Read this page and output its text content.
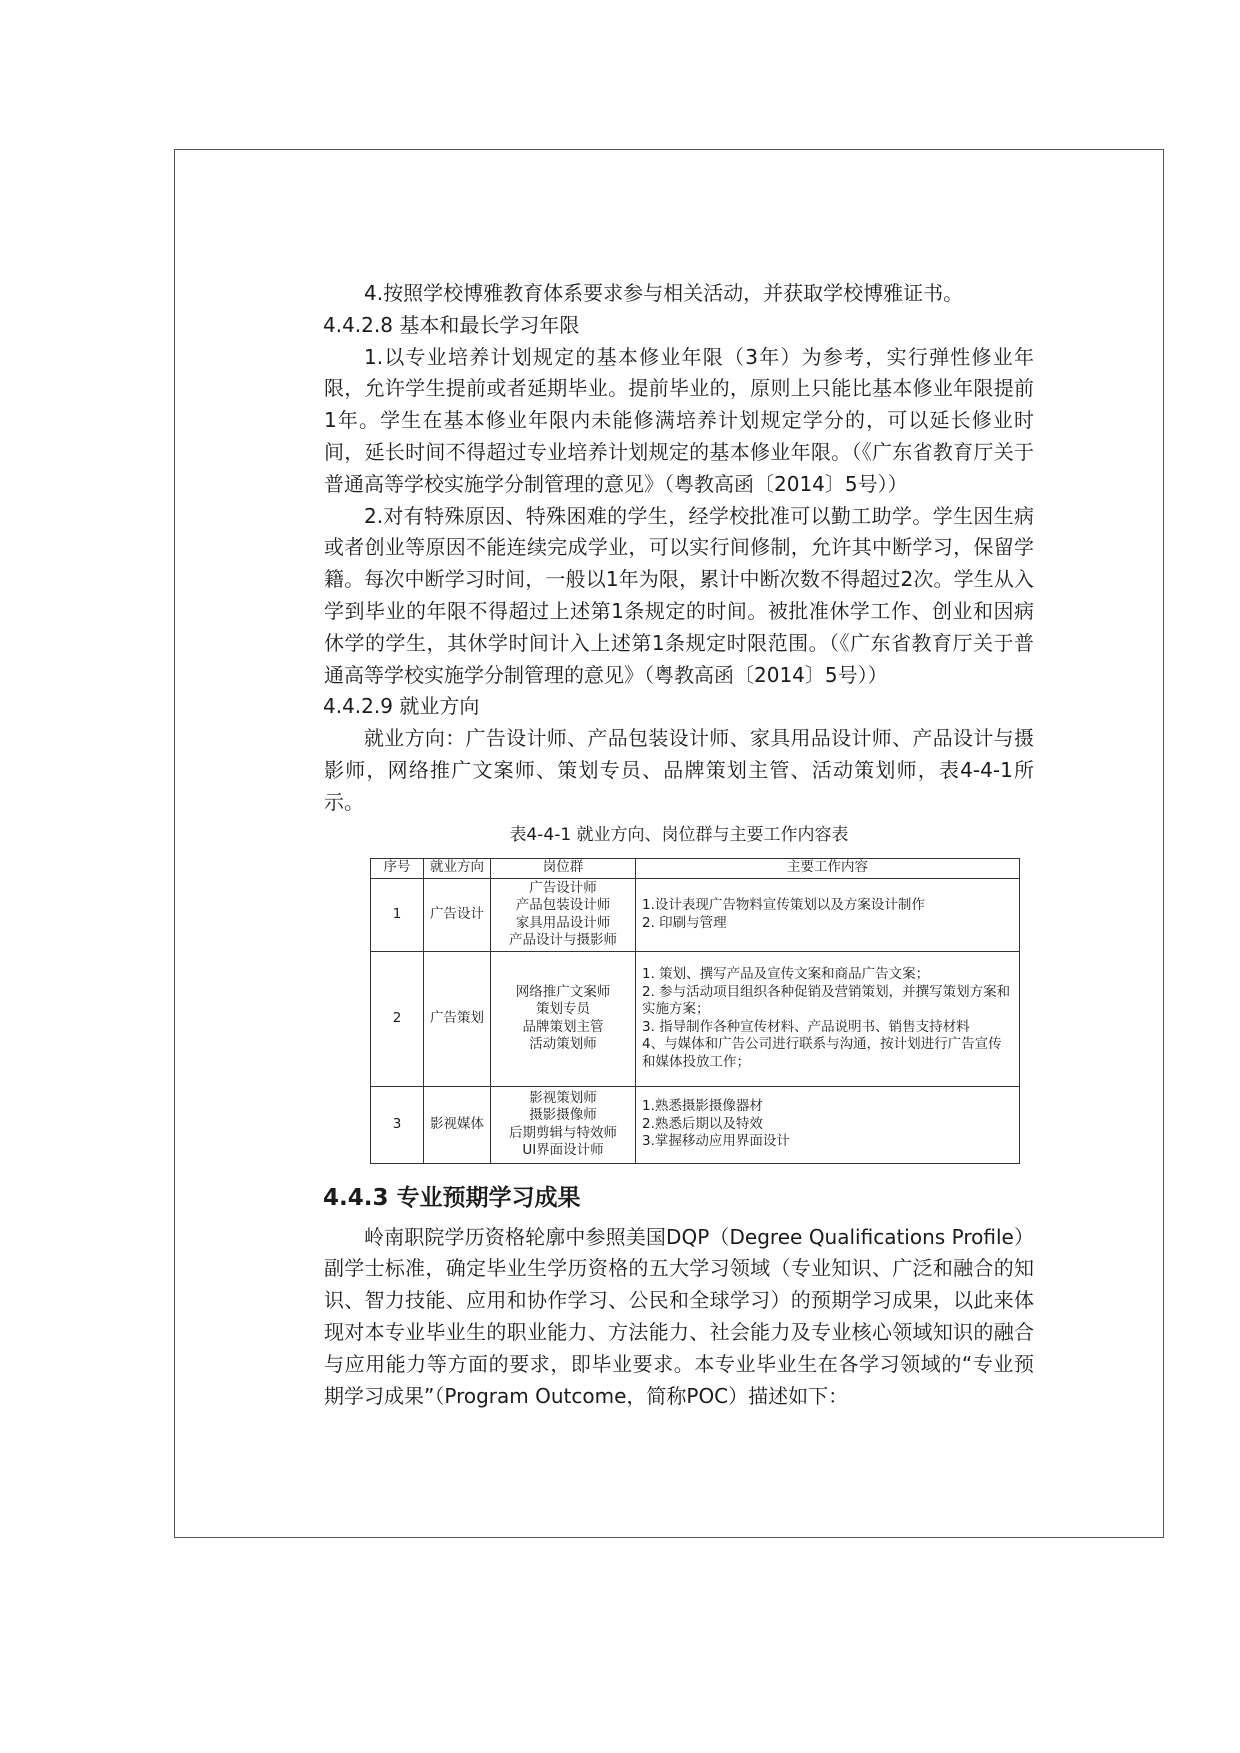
4.按照学校博雅教育体系要求参与相关活动，并获取学校博雅证书。

4.4.2.8 基本和最长学习年限

1.以专业培养计划规定的基本修业年限（3年）为参考，实行弹性修业年限，允许学生提前或者延期毕业。提前毕业的，原则上只能比基本修业年限提前1年。学生在基本修业年限内未能修满培养计划规定学分的，可以延长修业时间，延长时间不得超过专业培养计划规定的基本修业年限。（《广东省教育厅关于普通高等学校实施学分制管理的意见》（粤教高函〔2014〕5号））

2.对有特殊原因、特殊困难的学生，经学校批准可以勤工助学。学生因生病或者创业等原因不能连续完成学业，可以实行间修制，允许其中断学习，保留学籍。每次中断学习时间，一般以1年为限，累计中断次数不得超过2次。学生从入学到毕业的年限不得超过上述第1条规定的时间。被批准休学工作、创业和因病休学的学生，其休学时间计入上述第1条规定时限范围。（《广东省教育厅关于普通高等学校实施学分制管理的意见》（粤教高函〔2014〕5号））

4.4.2.9 就业方向

就业方向：广告设计师、产品包装设计师、家具用品设计师、产品设计与摄影师，网络推广文案师、策划专员、品牌策划主管、活动策划师，表4-4-1所示。

表4-4-1 就业方向、岗位群与主要工作内容表
序号	就业方向	岗位群	主要工作内容
1	广告设计	广告设计师
产品包装设计师
家具用品设计师
产品设计与摄影师	1.设计表现广告物料宣传策划以及方案设计制作
2. 印刷与管理

2	广告策划	网络推广文案师
策划专员
品牌策划主管
活动策划师	1. 策划、撰写产品及宣传文案和商品广告文案；
2. 参与活动项目组织各种促销及营销策划，并撰写策划方案和实施方案；
3. 指导制作各种宣传材料、产品说明书、销售支持材料
4、与媒体和广告公司进行联系与沟通，按计划进行广告宣传和媒体投放工作；

3	影视媒体	影视策划师
摄影摄像师
后期剪辑与特效师
UI界面设计师	1.熟悉摄影摄像器材
2.熟悉后期以及特效
3.掌握移动应用界面设计
4.4.3 专业预期学习成果

岭南职院学历资格轮廓中参照美国DQP（Degree Qualifications Profile）副学士标准，确定毕业生学历资格的五大学习领域（专业知识、广泛和融合的知识、智力技能、应用和协作学习、公民和全球学习）的预期学习成果，以此来体现对本专业毕业生的职业能力、方法能力、社会能力及专业核心领域知识的融合与应用能力等方面的要求，即毕业要求。本专业毕业生在各学习领域的“专业预期学习成果”（Program Outcome，简称POC）描述如下：
